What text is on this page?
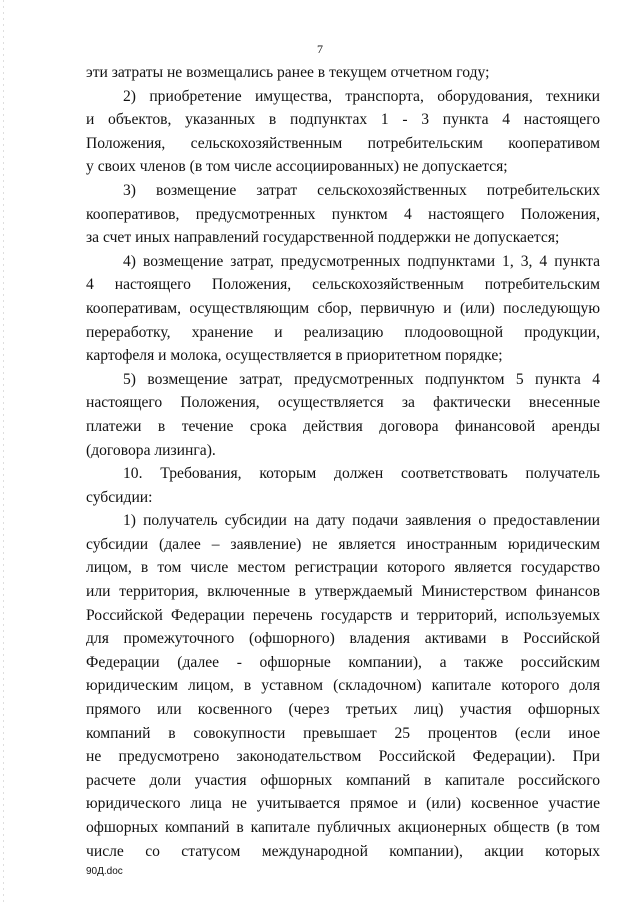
7
эти затраты не возмещались ранее в текущем отчетном году;
2) приобретение имущества, транспорта, оборудования, техники
и объектов, указанных в подпунктах 1 - 3 пункта 4 настоящего
Положения, сельскохозяйственным потребительским кооперативом
у своих членов (в том числе ассоциированных) не допускается;
3) возмещение затрат сельскохозяйственных потребительских
кооперативов, предусмотренных пунктом 4 настоящего Положения,
за счет иных направлений государственной поддержки не допускается;
4) возмещение затрат, предусмотренных подпунктами 1, 3, 4 пункта
4 настоящего Положения, сельскохозяйственным потребительским
кооперативам, осуществляющим сбор, первичную и (или) последующую
переработку, хранение и реализацию плодоовощной продукции,
картофеля и молока, осуществляется в приоритетном порядке;
5) возмещение затрат, предусмотренных подпунктом 5 пункта 4
настоящего Положения, осуществляется за фактически внесенные
платежи в течение срока действия договора финансовой аренды
(договора лизинга).
10. Требования, которым должен соответствовать получатель
субсидии:
1) получатель субсидии на дату подачи заявления о предоставлении
субсидии (далее – заявление) не является иностранным юридическим
лицом, в том числе местом регистрации которого является государство
или территория, включенные в утверждаемый Министерством финансов
Российской Федерации перечень государств и территорий, используемых
для промежуточного (офшорного) владения активами в Российской
Федерации (далее - офшорные компании), а также российским
юридическим лицом, в уставном (складочном) капитале которого доля
прямого или косвенного (через третьих лиц) участия офшорных
компаний в совокупности превышает 25 процентов (если иное
не предусмотрено законодательством Российской Федерации). При
расчете доли участия офшорных компаний в капитале российского
юридического лица не учитывается прямое и (или) косвенное участие
офшорных компаний в капитале публичных акционерных обществ (в том
числе со статусом международной компании), акции которых
90Д.doc
